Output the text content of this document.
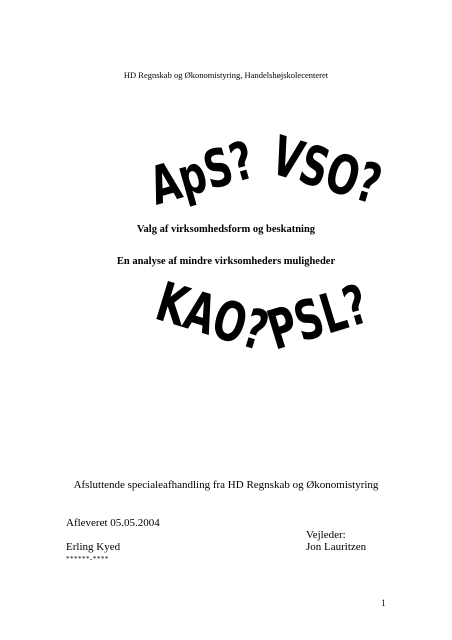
HD Regnskab og Økonomistyring, Handelshøjskolecenteret
ApS? VSO?
KAO?
PSL?
Valg af virksomhedsform og beskatning
En analyse af mindre virksomheders muligheder
Afsluttende specialeafhandling fra HD Regnskab og Økonomistyring
Afleveret 05.05.2004
Vejleder:
Erling Kyed	Jon Lauritzen
******-****
1
